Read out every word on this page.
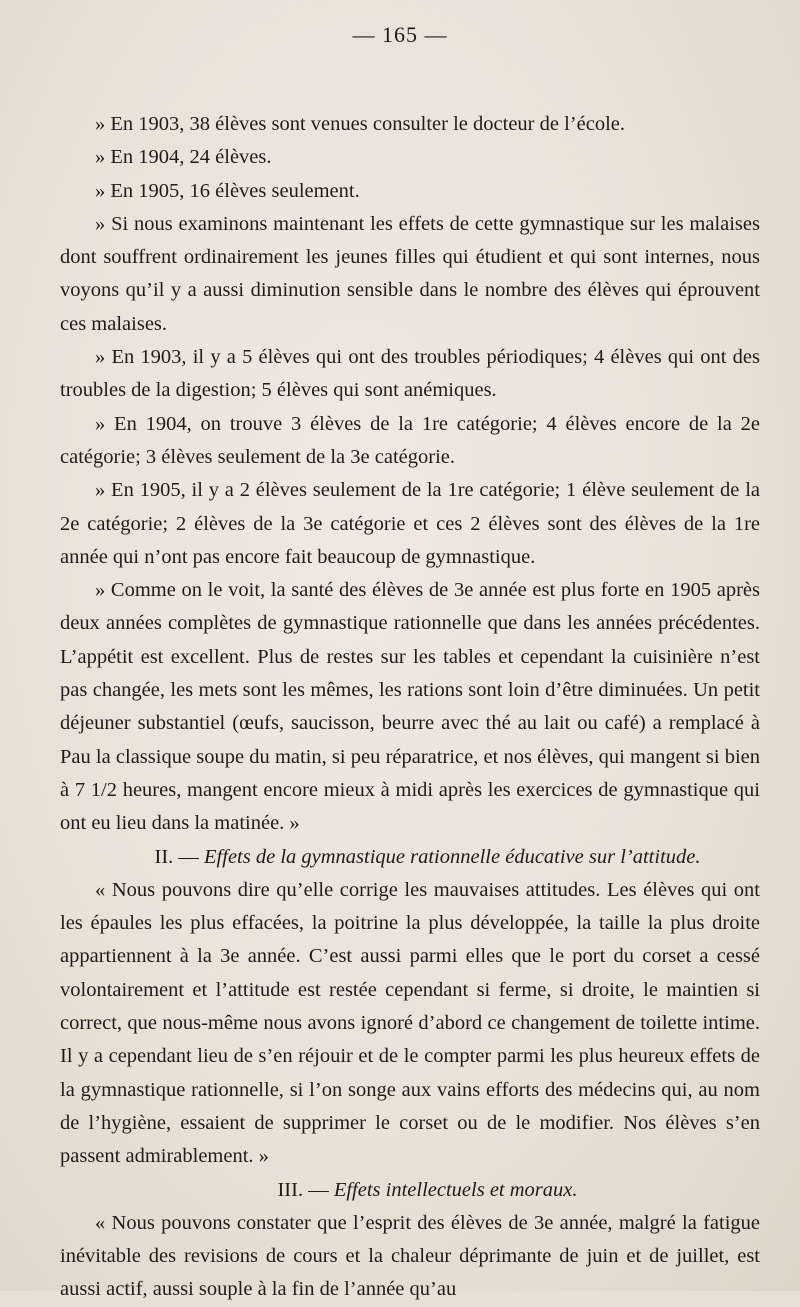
— 165 —

» En 1903, 38 élèves sont venues consulter le docteur de l’école.

» En 1904, 24 élèves.

» En 1905, 16 élèves seulement.

» Si nous examinons maintenant les effets de cette gymnastique sur les malaises dont souffrent ordinairement les jeunes filles qui étudient et qui sont internes, nous voyons qu’il y a aussi diminution sensible dans le nombre des élèves qui éprouvent ces malaises.

» En 1903, il y a 5 élèves qui ont des troubles périodiques; 4 élèves qui ont des troubles de la digestion; 5 élèves qui sont anémiques.

» En 1904, on trouve 3 élèves de la 1re catégorie; 4 élèves encore de la 2e catégorie; 3 élèves seulement de la 3e catégorie.

» En 1905, il y a 2 élèves seulement de la 1re catégorie; 1 élève seulement de la 2e catégorie; 2 élèves de la 3e catégorie et ces 2 élèves sont des élèves de la 1re année qui n’ont pas encore fait beaucoup de gymnastique.

» Comme on le voit, la santé des élèves de 3e année est plus forte en 1905 après deux années complètes de gymnastique rationnelle que dans les années précédentes. L’appétit est excellent. Plus de restes sur les tables et cependant la cuisinière n’est pas changée, les mets sont les mêmes, les rations sont loin d’être diminuées. Un petit déjeuner substantiel (œufs, saucisson, beurre avec thé au lait ou café) a remplacé à Pau la classique soupe du matin, si peu réparatrice, et nos élèves, qui mangent si bien à 7 1/2 heures, mangent encore mieux à midi après les exercices de gymnastique qui ont eu lieu dans la matinée. »

II. — Effets de la gymnastique rationnelle éducative sur l’attitude.

« Nous pouvons dire qu’elle corrige les mauvaises attitudes. Les élèves qui ont les épaules les plus effacées, la poitrine la plus développée, la taille la plus droite appartiennent à la 3e année. C’est aussi parmi elles que le port du corset a cessé volontairement et l’attitude est restée cependant si ferme, si droite, le maintien si correct, que nous-même nous avons ignoré d’abord ce changement de toilette intime. Il y a cependant lieu de s’en réjouir et de le compter parmi les plus heureux effets de la gymnastique rationnelle, si l’on songe aux vains efforts des médecins qui, au nom de l’hygiène, essaient de supprimer le corset ou de le modifier. Nos élèves s’en passent admirablement. »

III. — Effets intellectuels et moraux.

« Nous pouvons constater que l’esprit des élèves de 3e année, malgré la fatigue inévitable des revisions de cours et la chaleur déprimante de juin et de juillet, est aussi actif, aussi souple à la fin de l’année qu’au
